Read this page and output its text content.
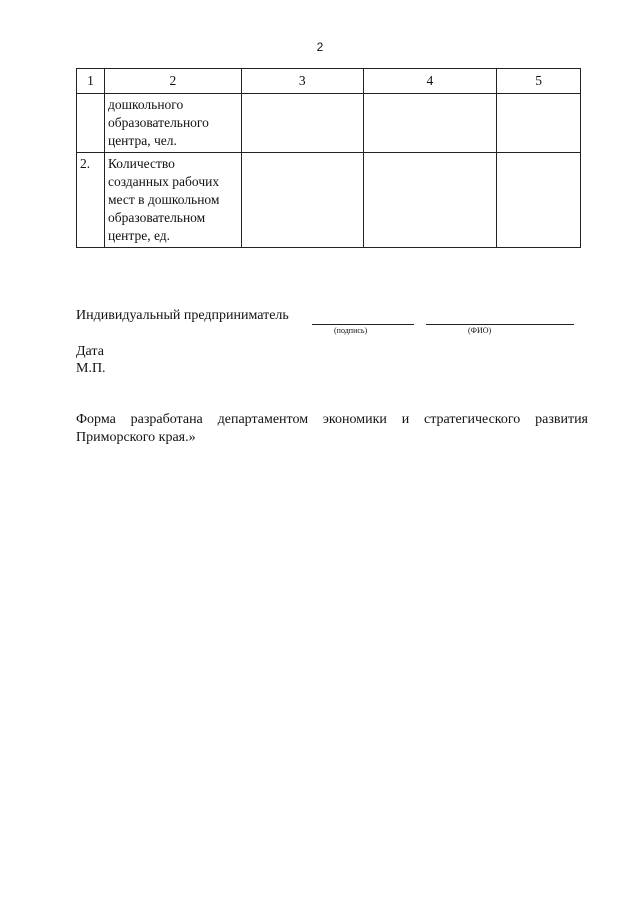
2
1	2	3	4	5
	дошкольного образовательного центра, чел.			
2.	Количество созданных рабочих мест в дошкольном образовательном центре, ед.			
Индивидуальный предприниматель
(подпись)	(ФИО)
Дата
М.П.
Форма разработана департаментом экономики и стратегического развития Приморского края.»
